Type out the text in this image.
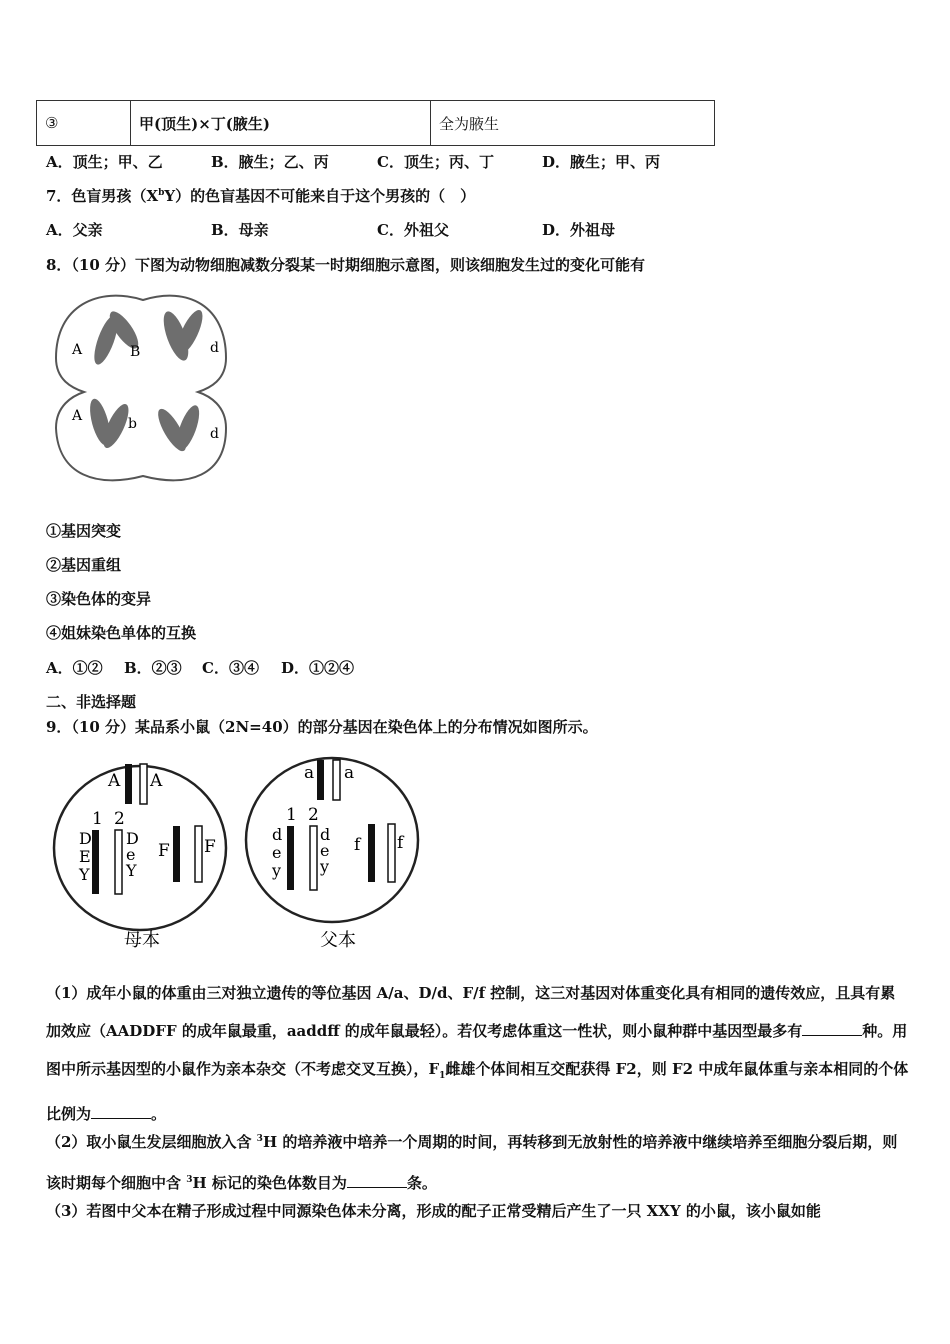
③	甲(顶生)×丁(腋生)	全为腋生
A．顶生；甲、乙	B．腋生；乙、丙	C．顶生；丙、丁	D．腋生；甲、丙
7．色盲男孩$(X^bY)$的色盲基因不可能来自于这个男孩的（　）
A．父亲	B．母亲	C．外祖父	D．外祖母
8．（10 分）下图为动物细胞减数分裂某一时期细胞示意图，则该细胞发生过的变化可能有
A	B	d
A	b
d
①基因突变
②基因重组
③染色体的变异
④姐妹染色单体的互换
A．①② B．②③ C．③④ D．①②④
二、非选择题
9．（10 分）某品系小鼠（2N=40）的部分基因在染色体上的分布情况如图所示。
A A
1 2
D
E
Y
D
e
Y
F F
母本
a a
1 2
d
e
y
d
e
y
f f
父本
（1）成年小鼠的体重由三对独立遗传的等位基因 A/a、D/d、F/f 控制，这三对基因对体重变化具有相同的遗传效应，且具有累加效应（AADDFF 的成年鼠最重，aaddff 的成年鼠最轻）。若仅考虑体重这一性状，则小鼠种群中基因型最多有	种。用图中所示基因型的小鼠作为亲本杂交（不考虑交叉互换），$F_1$雌雄个体间相互交配获得 F2，则 F2 中成年鼠体重与亲本相同的个体比例为	。
（2）取小鼠生发层细胞放入含 $^3$H 的培养液中培养一个周期的时间，再转移到无放射性的培养液中继续培养至细胞分裂后期，则该时期每个细胞中含 $^3$H 标记的染色体数目为	条。
（3）若图中父本在精子形成过程中同源染色体未分离，形成的配子正常受精后产生了一只 XXY 的小鼠，该小鼠如能
